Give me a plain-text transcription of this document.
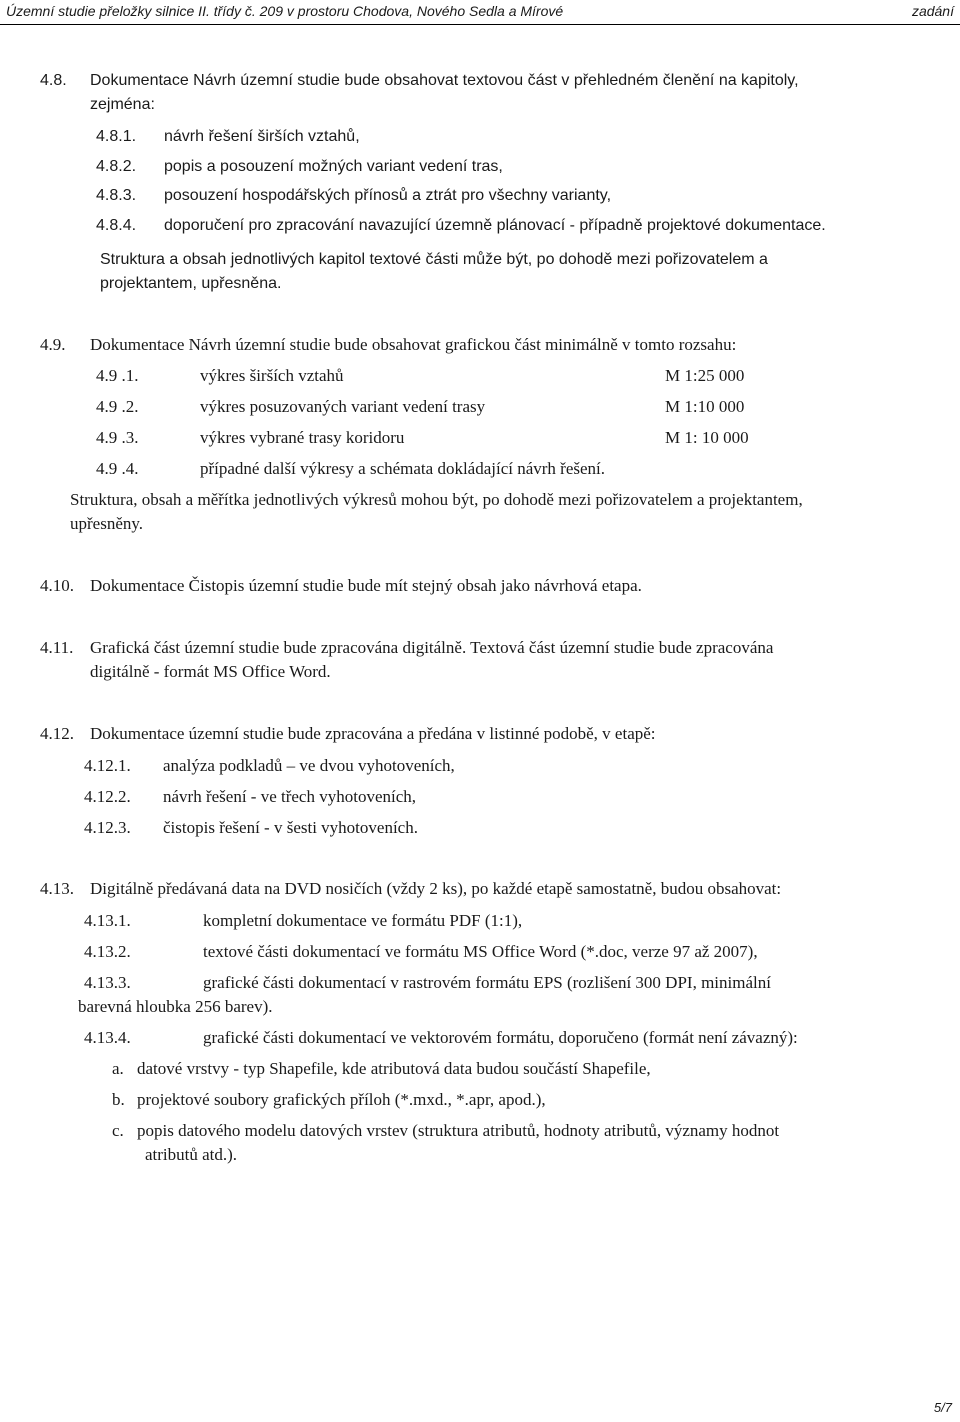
Územní studie přeložky silnice II. třídy č. 209 v prostoru Chodova, Nového Sedla a Mírové	zadání
4.8. Dokumentace Návrh územní studie bude obsahovat textovou část v přehledném členění na kapitoly,
zejména:
4.8.1. návrh řešení širších vztahů,
4.8.2. popis a posouzení možných variant vedení tras,
4.8.3. posouzení hospodářských přínosů a ztrát pro všechny varianty,
4.8.4. doporučení pro zpracování navazující územně plánovací - případně projektové dokumentace.
Struktura a obsah jednotlivých kapitol textové části může být, po dohodě mezi pořizovatelem a
projektantem, upřesněna.
4.9. Dokumentace Návrh územní studie bude obsahovat grafickou část minimálně v tomto rozsahu:
4.9 .1.	výkres širších vztahů	M 1:25 000
4.9 .2.	výkres posuzovaných variant vedení trasy	M 1:10 000
4.9 .3.	výkres vybrané trasy koridoru	M 1: 10 000
4.9 .4.	případné další výkresy a schémata dokládající návrh řešení.
Struktura, obsah a měřítka jednotlivých výkresů mohou být, po dohodě mezi pořizovatelem a projektantem,
upřesněny.
4.10. Dokumentace Čistopis územní studie bude mít stejný obsah jako návrhová etapa.
4.11. Grafická část územní studie bude zpracována digitálně. Textová část územní studie bude zpracována
digitálně - formát MS Office Word.
4.12. Dokumentace územní studie bude zpracována a předána v listinné podobě, v etapě:
4.12.1. analýza podkladů – ve dvou vyhotoveních,
4.12.2. návrh řešení - ve třech vyhotoveních,
4.12.3. čistopis řešení - v šesti vyhotoveních.
4.13. Digitálně předávaná data na DVD nosičích (vždy 2 ks), po každé etapě samostatně, budou obsahovat:
4.13.1.	kompletní dokumentace ve formátu PDF (1:1),
4.13.2.	textové části dokumentací ve formátu MS Office Word (*.doc, verze 97 až 2007),
4.13.3.	grafické části dokumentací v rastrovém formátu EPS (rozlišení 300 DPI, minimální
barevná hloubka 256 barev).
4.13.4.	grafické části dokumentací ve vektorovém formátu, doporučeno (formát není závazný):
a. datové vrstvy - typ Shapefile, kde atributová data budou součástí Shapefile,
b. projektové soubory grafických příloh (*.mxd., *.apr, apod.),
c. popis datového modelu datových vrstev (struktura atributů, hodnoty atributů, významy hodnot
atributů atd.).
5/7
